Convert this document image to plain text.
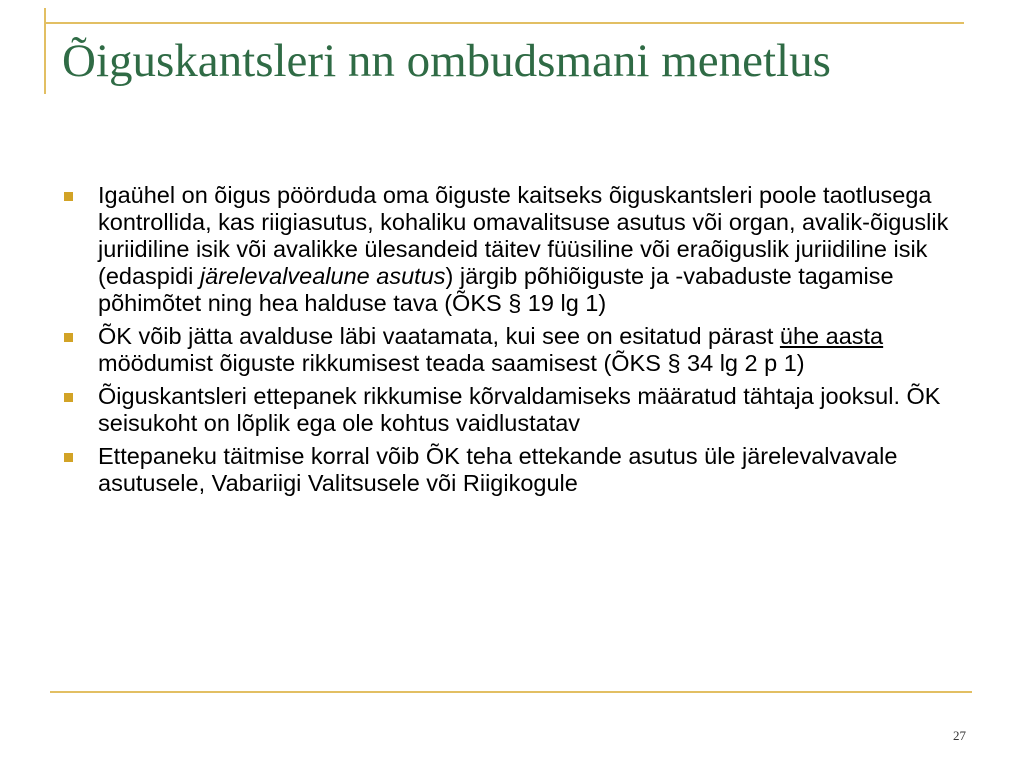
Õiguskantsleri nn ombudsmani menetlus
Igaühel on õigus pöörduda oma õiguste kaitseks õiguskantsleri poole taotlusega kontrollida, kas riigiasutus, kohaliku omavalitsuse asutus või organ, avalik-õiguslik juriidiline isik või avalikke ülesandeid täitev füüsiline või eraõiguslik juriidiline isik (edaspidi järelevalvealune asutus) järgib põhiõiguste ja -vabaduste tagamise põhimõtet ning hea halduse tava (ÕKS § 19 lg 1)
ÕK võib jätta avalduse läbi vaatamata, kui see on esitatud pärast ühe aasta möödumist õiguste rikkumisest teada saamisest (ÕKS § 34 lg 2 p 1)
Õiguskantsleri ettepanek rikkumise kõrvaldamiseks määratud tähtaja jooksul. ÕK seisukoht on lõplik ega ole kohtus vaidlustatav
Ettepaneku täitmise korral võib ÕK teha ettekande asutus üle järelevalvavale asutusele, Vabariigi Valitsusele või Riigikogule
27
